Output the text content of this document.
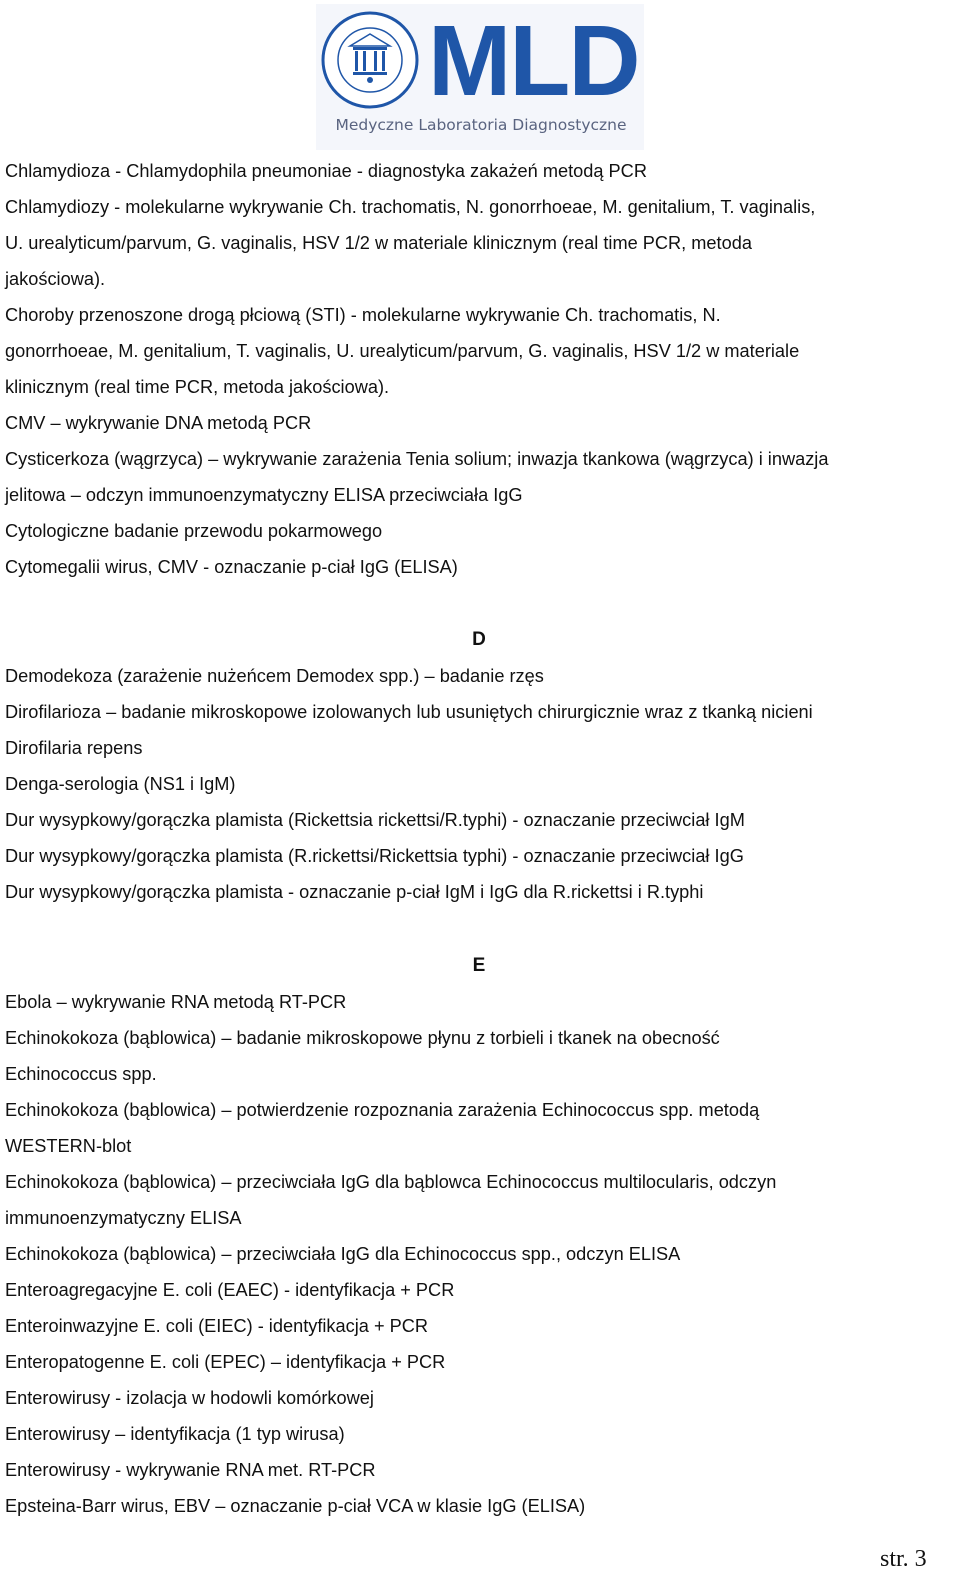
MLD
Medyczne Laboratoria Diagnostyczne

Chlamydioza - Chlamydophila pneumoniae - diagnostyka zakażeń metodą PCR

Chlamydiozy - molekularne wykrywanie Ch. trachomatis, N. gonorrhoeae, M. genitalium, T. vaginalis,

U. urealyticum/parvum, G. vaginalis, HSV 1/2 w materiale klinicznym (real time PCR, metoda

jakościowa).

Choroby przenoszone drogą płciową (STI) - molekularne wykrywanie Ch. trachomatis, N.

gonorrhoeae, M. genitalium, T. vaginalis, U. urealyticum/parvum, G. vaginalis, HSV 1/2 w materiale

klinicznym (real time PCR, metoda jakościowa).

CMV – wykrywanie DNA metodą PCR

Cysticerkoza (wągrzyca) – wykrywanie zarażenia Tenia solium; inwazja tkankowa (wągrzyca) i inwazja

jelitowa – odczyn immunoenzymatyczny ELISA przeciwciała IgG

Cytologiczne badanie przewodu pokarmowego

Cytomegalii wirus, CMV - oznaczanie p-ciał IgG (ELISA)

D

Demodekoza (zarażenie nużeńcem Demodex spp.) – badanie rzęs

Dirofilarioza – badanie mikroskopowe izolowanych lub usuniętych chirurgicznie wraz z tkanką nicieni

Dirofilaria repens

Denga-serologia (NS1 i IgM)

Dur wysypkowy/gorączka plamista (Rickettsia rickettsi/R.typhi) - oznaczanie przeciwciał IgM

Dur wysypkowy/gorączka plamista (R.rickettsi/Rickettsia typhi) - oznaczanie przeciwciał IgG

Dur wysypkowy/gorączka plamista - oznaczanie p-ciał IgM i IgG dla R.rickettsi i R.typhi

E

Ebola – wykrywanie RNA metodą RT-PCR

Echinokokoza (bąblowica) – badanie mikroskopowe płynu z torbieli i tkanek na obecność

Echinococcus spp.

Echinokokoza (bąblowica) – potwierdzenie rozpoznania zarażenia Echinococcus spp. metodą

WESTERN-blot

Echinokokoza (bąblowica) – przeciwciała IgG dla bąblowca Echinococcus multilocularis, odczyn

immunoenzymatyczny ELISA

Echinokokoza (bąblowica) – przeciwciała IgG dla Echinococcus spp., odczyn ELISA

Enteroagregacyjne E. coli (EAEC) - identyfikacja + PCR

Enteroinwazyjne E. coli (EIEC) - identyfikacja + PCR

Enteropatogenne E. coli (EPEC) – identyfikacja + PCR

Enterowirusy - izolacja w hodowli komórkowej

Enterowirusy – identyfikacja (1 typ wirusa)

Enterowirusy - wykrywanie RNA met. RT-PCR

Epsteina-Barr wirus, EBV – oznaczanie p-ciał VCA w klasie IgG (ELISA)

str. 3
